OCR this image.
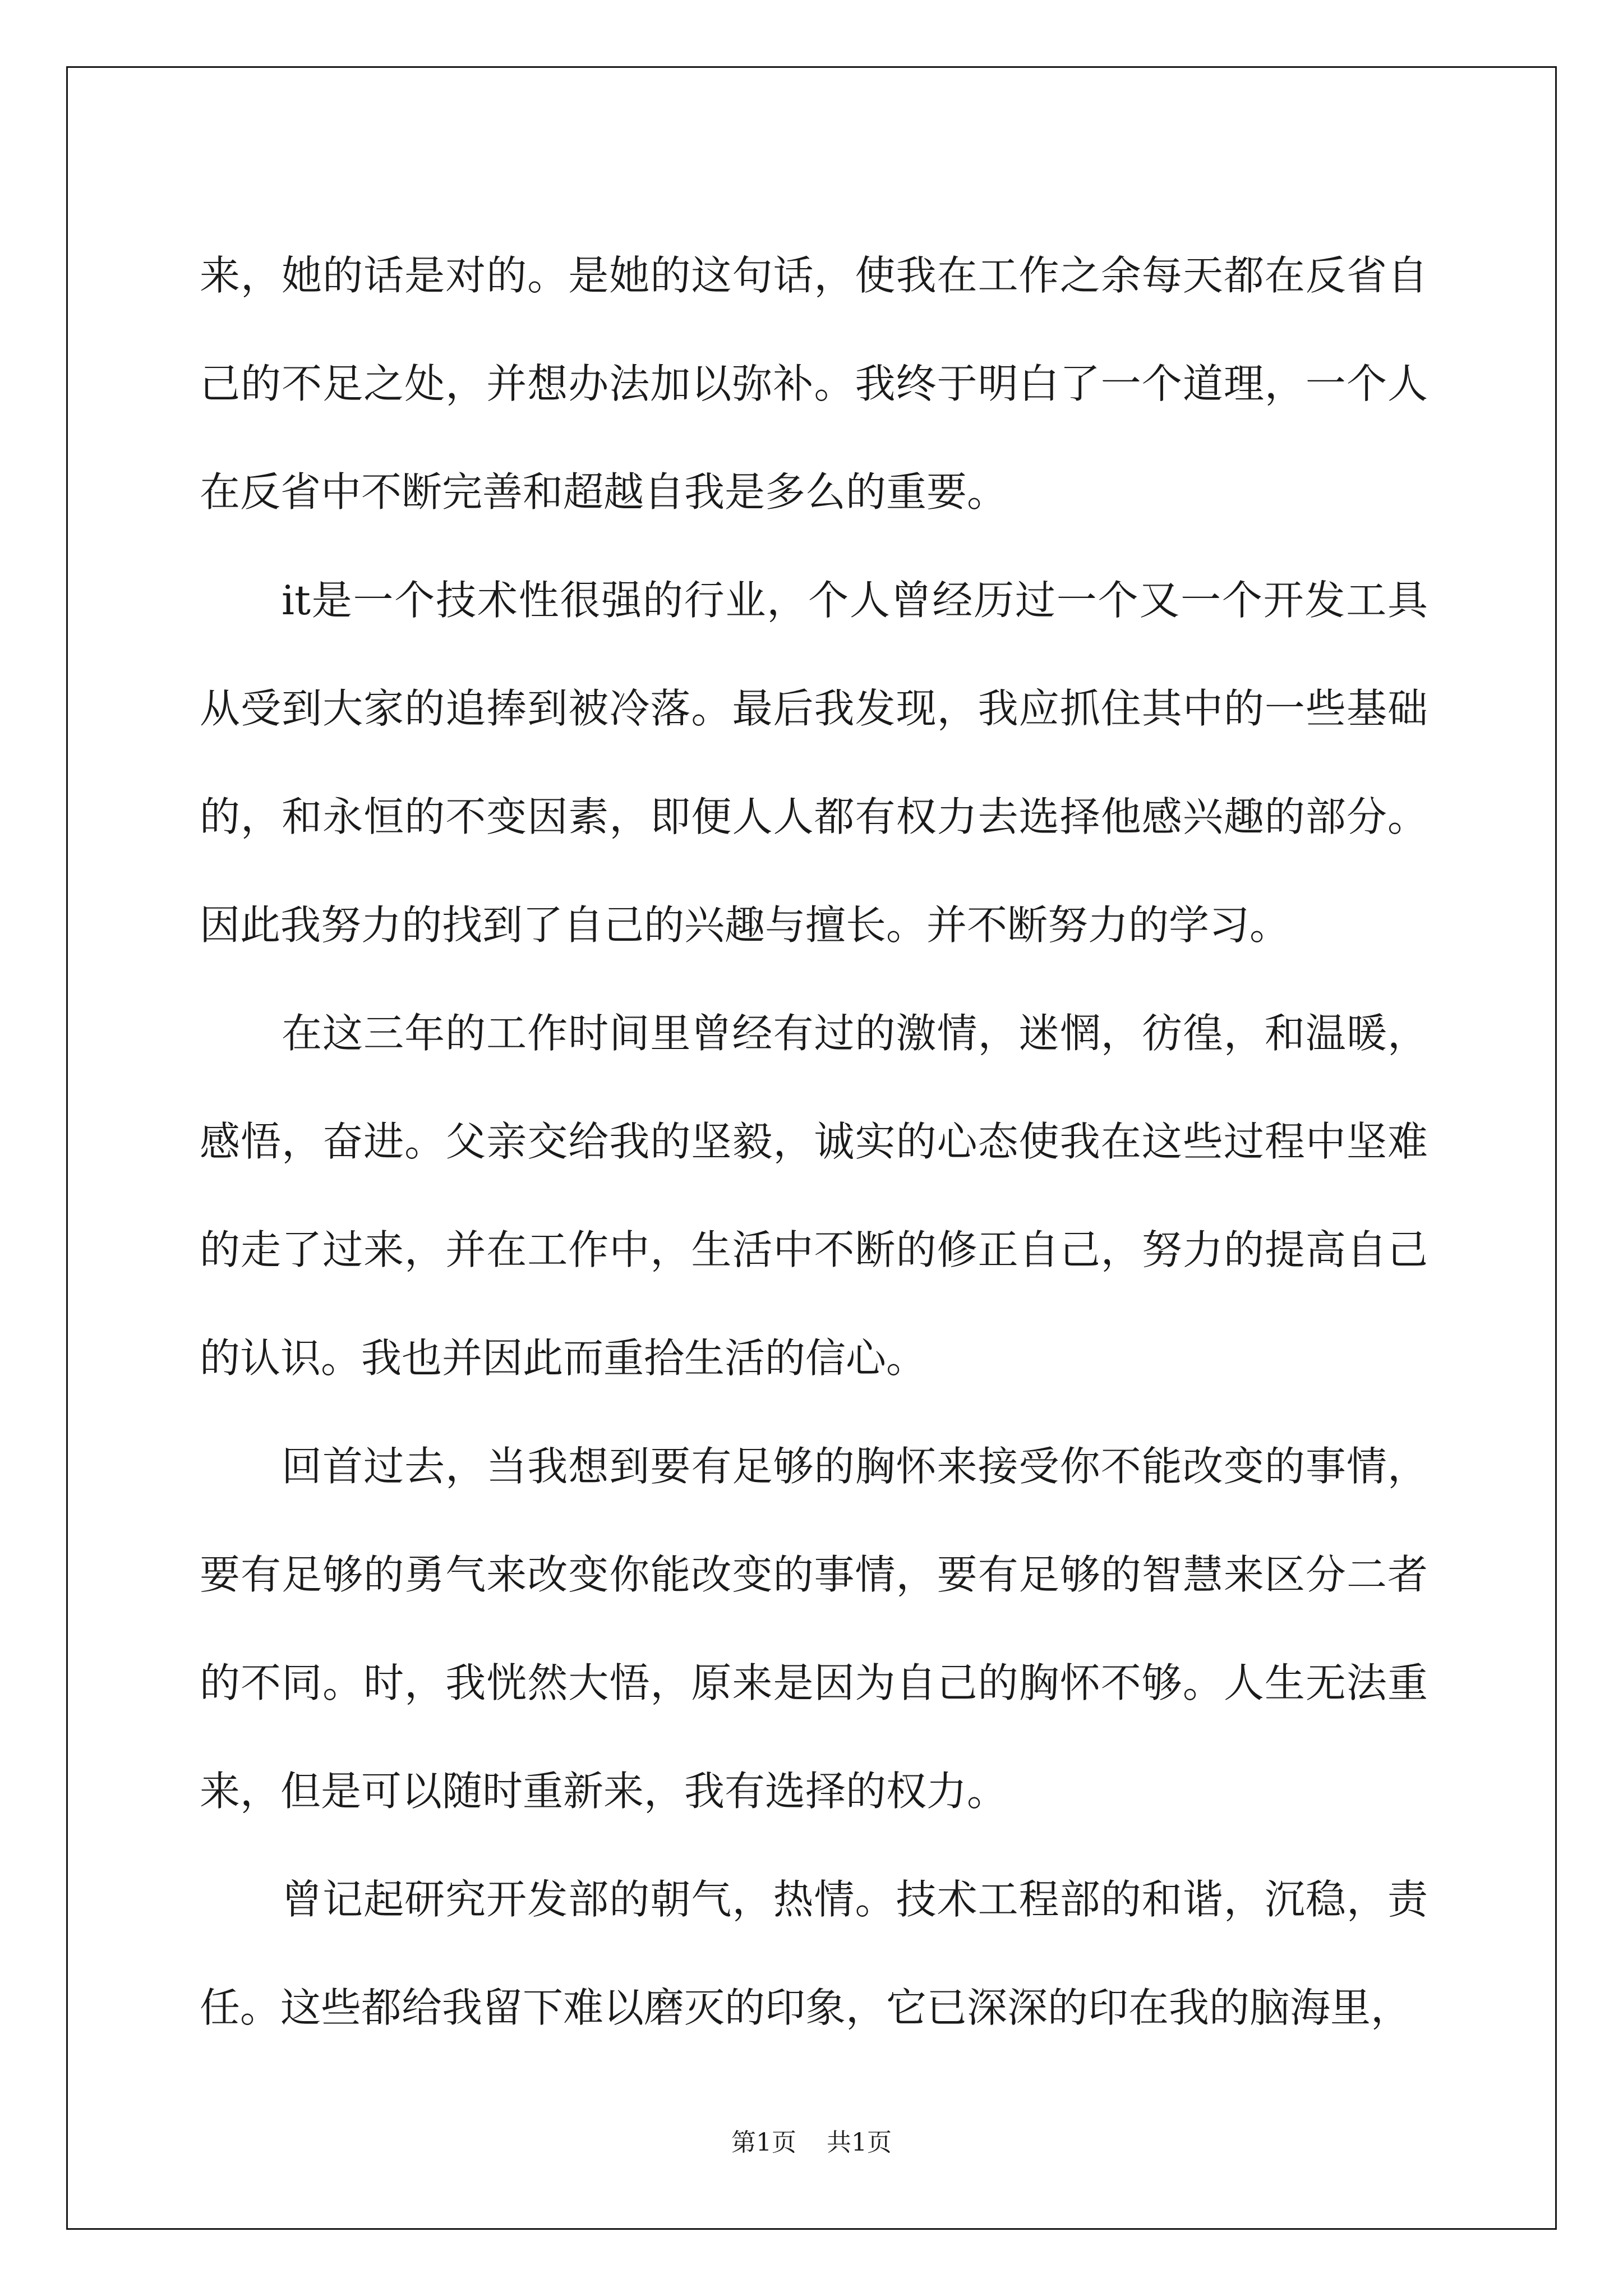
来，她的话是对的。是她的这句话，使我在工作之余每天都在反省自己的不足之处，并想办法加以弥补。我终于明白了一个道理，一个人在反省中不断完善和超越自我是多么的重要。

it是一个技术性很强的行业，个人曾经历过一个又一个开发工具从受到大家的追捧到被冷落。最后我发现，我应抓住其中的一些基础的，和永恒的不变因素，即便人人都有权力去选择他感兴趣的部分。因此我努力的找到了自己的兴趣与擅长。并不断努力的学习。

在这三年的工作时间里曾经有过的激情，迷惘，彷徨，和温暖，感悟，奋进。父亲交给我的坚毅，诚实的心态使我在这些过程中坚难的走了过来，并在工作中，生活中不断的修正自己，努力的提高自己的认识。我也并因此而重拾生活的信心。

回首过去，当我想到要有足够的胸怀来接受你不能改变的事情，要有足够的勇气来改变你能改变的事情，要有足够的智慧来区分二者的不同。时，我恍然大悟，原来是因为自己的胸怀不够。人生无法重来，但是可以随时重新来，我有选择的权力。

曾记起研究开发部的朝气，热情。技术工程部的和谐，沉稳，责任。这些都给我留下难以磨灭的印象，它已深深的印在我的脑海里，

第1页 共1页
